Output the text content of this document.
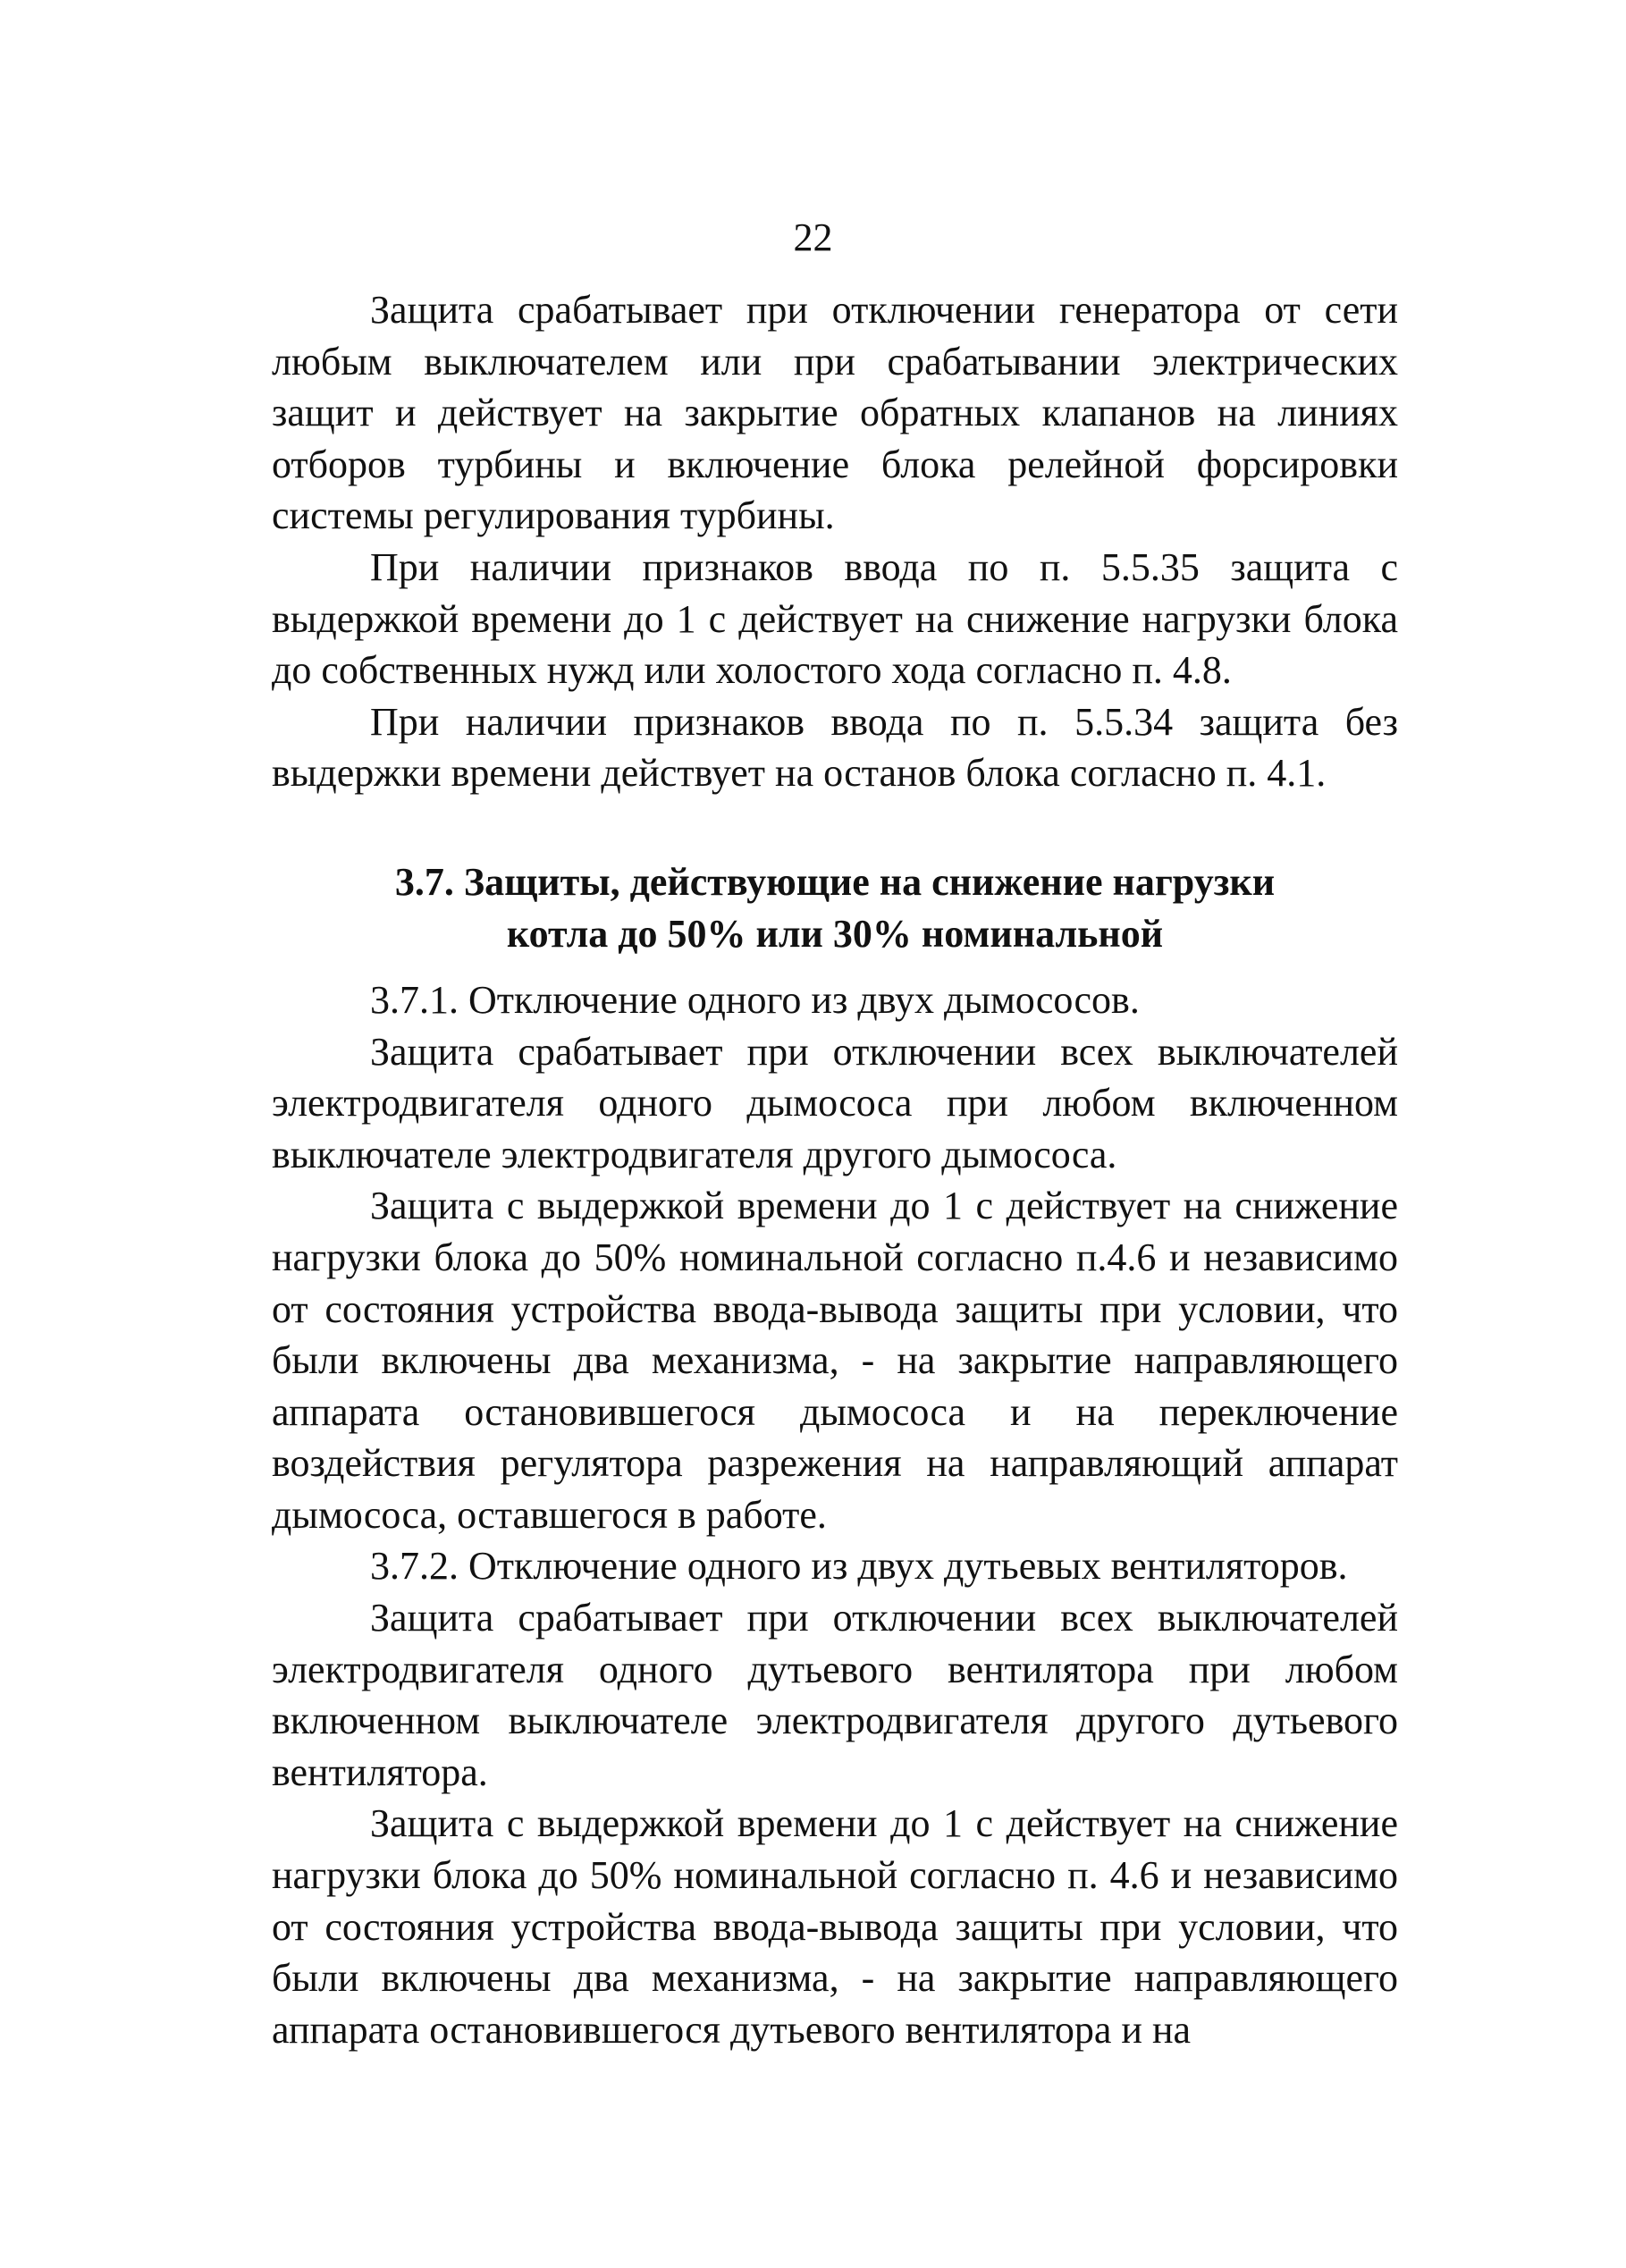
22

Защита срабатывает при отключении генератора от сети любым выключателем или при срабатывании электрических защит и действует на закрытие обратных клапанов на линиях отборов турбины и включение блока релейной форсировки системы регулирования турбины.

При наличии признаков ввода по п. 5.5.35 защита с выдержкой времени до 1 с действует на снижение нагрузки блока до собственных нужд или холостого хода согласно п. 4.8.

При наличии признаков ввода по п. 5.5.34 защита без выдержки времени действует на останов блока согласно п. 4.1.

3.7. Защиты, действующие на снижение нагрузки
котла до 50% или 30% номинальной

3.7.1. Отключение одного из двух дымососов.

Защита срабатывает при отключении всех выключателей электродвигателя одного дымососа при любом включенном выключателе электродвигателя другого дымососа.

Защита с выдержкой времени до 1 с действует на снижение нагрузки блока до 50% номинальной согласно п.4.6 и независимо от состояния устройства ввода-вывода защиты при условии, что были включены два механизма, - на закрытие направляющего аппарата остановившегося дымососа и на переключение воздействия регулятора разрежения на направляющий аппарат дымососа, оставшегося в работе.

3.7.2. Отключение одного из двух дутьевых вентиляторов.

Защита срабатывает при отключении всех выключателей электродвигателя одного дутьевого вентилятора при любом включенном выключателе электродвигателя другого дутьевого вентилятора.

Защита с выдержкой времени до 1 с действует на снижение нагрузки блока до 50% номинальной согласно п. 4.6 и независимо от состояния устройства ввода-вывода защиты при условии, что были включены два механизма, - на закрытие направляющего аппарата остановившегося дутьевого вентилятора и на
